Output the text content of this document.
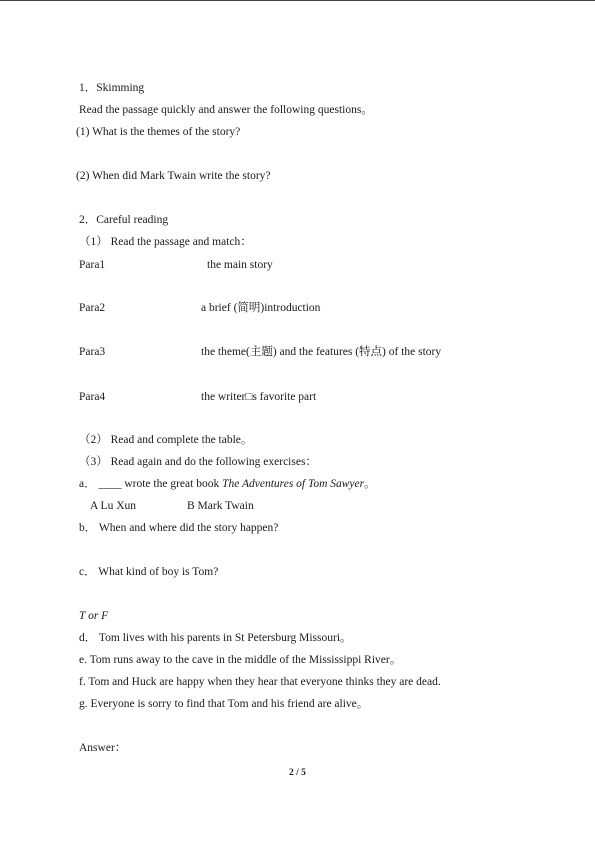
1．Skimming
Read the passage quickly and answer the following questions。
(1) What is the themes of the story?
(2) When did Mark Twain write the story?
2．Careful reading
（1） Read the passage and match：
Para1	the main story
Para2	a brief (简明)introduction
Para3	the theme(主题) and the features (特点) of the story
Para4	the writer□s favorite part
（2） Read and complete the table。
（3） Read again and do the following exercises：
a． ____ wrote the great book The Adventures of Tom Sawyer。
A Lu Xun	B Mark Twain
b． When and where did the story happen?
c． What kind of boy is Tom?
T or F
d． Tom lives with his parents in St Petersburg Missouri。
e. Tom runs away to the cave in the middle of the Mississippi River。
f. Tom and Huck are happy when they hear that everyone thinks they are dead.
g. Everyone is sorry to find that Tom and his friend are alive。
Answer：
2 / 5
